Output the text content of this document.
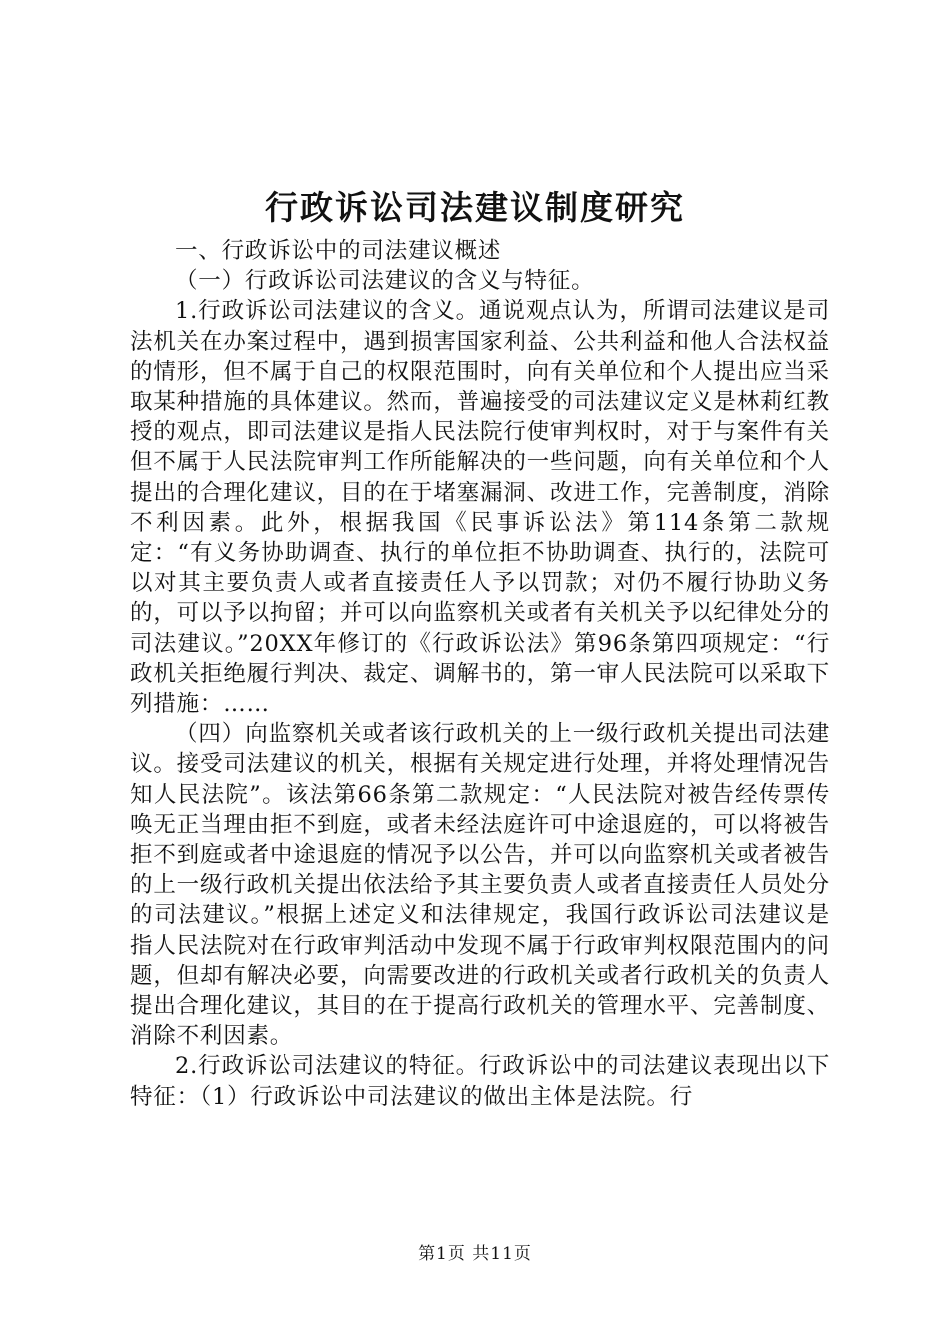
行政诉讼司法建议制度研究

一、行政诉讼中的司法建议概述

（一）行政诉讼司法建议的含义与特征。

1.行政诉讼司法建议的含义。通说观点认为，所谓司法建议是司法机关在办案过程中，遇到损害国家利益、公共利益和他人合法权益的情形，但不属于自己的权限范围时，向有关单位和个人提出应当采取某种措施的具体建议。然而，普遍接受的司法建议定义是林莉红教授的观点，即司法建议是指人民法院行使审判权时，对于与案件有关但不属于人民法院审判工作所能解决的一些问题，向有关单位和个人提出的合理化建议，目的在于堵塞漏洞、改进工作，完善制度，消除不利因素。此外，根据我国《民事诉讼法》第114条第二款规定：“有义务协助调查、执行的单位拒不协助调查、执行的，法院可以对其主要负责人或者直接责任人予以罚款；对仍不履行协助义务的，可以予以拘留；并可以向监察机关或者有关机关予以纪律处分的司法建议。”20XX年修订的《行政诉讼法》第96条第四项规定：“行政机关拒绝履行判决、裁定、调解书的，第一审人民法院可以采取下列措施：……

（四）向监察机关或者该行政机关的上一级行政机关提出司法建议。接受司法建议的机关，根据有关规定进行处理，并将处理情况告知人民法院”。该法第66条第二款规定：“人民法院对被告经传票传唤无正当理由拒不到庭，或者未经法庭许可中途退庭的，可以将被告拒不到庭或者中途退庭的情况予以公告，并可以向监察机关或者被告的上一级行政机关提出依法给予其主要负责人或者直接责任人员处分的司法建议。”根据上述定义和法律规定，我国行政诉讼司法建议是指人民法院对在行政审判活动中发现不属于行政审判权限范围内的问题，但却有解决必要，向需要改进的行政机关或者行政机关的负责人提出合理化建议，其目的在于提高行政机关的管理水平、完善制度、消除不利因素。

2.行政诉讼司法建议的特征。行政诉讼中的司法建议表现出以下特征：（1）行政诉讼中司法建议的做出主体是法院。行

第1页 共11页
